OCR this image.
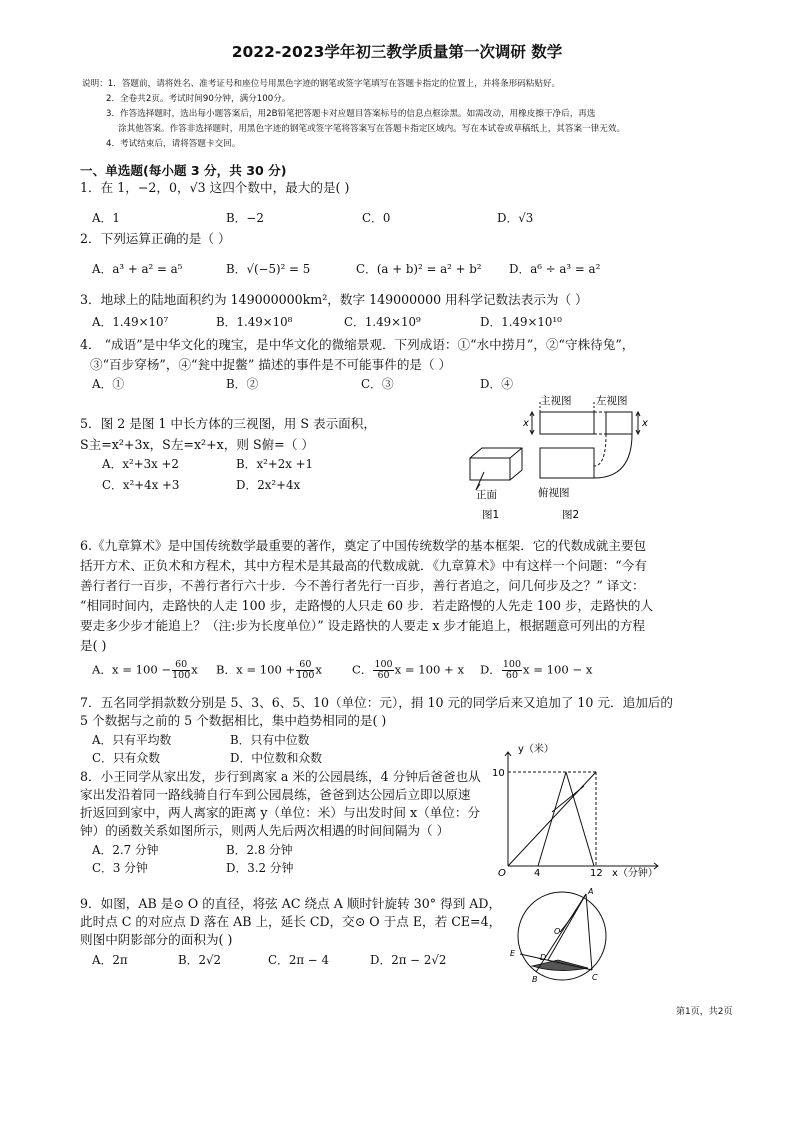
2022-2023学年初三教学质量第一次调研 数学
说明：1．答题前，请将姓名、准考证号和座位号用黑色字迹的钢笔或签字笔填写在答题卡指定的位置上，并将条形码粘贴好。
2．全卷共2页。考试时间90分钟，满分100分。
3．作答选择题时，选出每小题答案后，用2B铅笔把答题卡对应题目答案标号的信息点框涂黑。如需改动，用橡皮擦干净后，再选
涂其他答案。作答非选择题时，用黑色字迹的钢笔或签字笔将答案写在答题卡指定区域内。写在本试卷或草稿纸上，其答案一律无效。
4．考试结束后，请将答题卡交回。
一、单选题(每小题 3 分，共 30 分)
1．在 1，−2，0，√3 这四个数中，最大的是( )
A．1	B．−2	C．0	D．√3
2．下列运算正确的是（ ）
A．a³ + a² = a⁵	B．√(−5)² = 5	C．(a + b)² = a² + b² D．a⁶ ÷ a³ = a²
3．地球上的陆地面积约为 149000000km²，数字 149000000 用科学记数法表示为（ ）
A．1.49×10⁷	B．1.49×10⁸	C．1.49×10⁹	D．1.49×10¹⁰
4． “成语”是中华文化的瑰宝，是中华文化的微缩景观．下列成语：①“水中捞月”，②“守株待兔”，
③“百步穿杨”，④“瓮中捉鳖” 描述的事件是不可能事件的是（ ）
A．①	B．②	C．③	D．④
5．图 2 是图 1 中长方体的三视图，用 S 表示面积，
S主=x²+3x，S左=x²+x，则 S俯=（ ）
A．x²+3x +2	B．x²+2x +1
C．x²+4x +3	D．2x²+4x
正面
图1
主视图 左视图
俯视图
图2
x	x
6.《九章算术》是中国传统数学最重要的著作，奠定了中国传统数学的基本框架．它的代数成就主要包
括开方术、正负术和方程术，其中方程术是其最高的代数成就．《九章算术》中有这样一个问题：“今有
善行者行一百步，不善行者行六十步．今不善行者先行一百步，善行者追之，问几何步及之？” 译文：
“相同时间内，走路快的人走 100 步，走路慢的人只走 60 步．若走路慢的人先走 100 步，走路快的人
要走多少步才能追上？（注:步为长度单位）” 设走路快的人要走 x 步才能追上，根据题意可列出的方程
是( )
A．$x = 100 - \frac{60}{100}$ x B．$x = 100 + \frac{60}{100}$ x	C． $\frac{100}{60}$ x = 100 + x D． $\frac{100}{60}$ x = 100 − x
7．五名同学捐款数分别是 5、3、6、5、10（单位：元），捐 10 元的同学后来又追加了 10 元．追加后的
5 个数据与之前的 5 个数据相比，集中趋势相同的是( )
A．只有平均数	B．只有中位数
C．只有众数	D．中位数和众数
8．小王同学从家出发，步行到离家 a 米的公园晨练，4 分钟后爸爸也从
家出发沿着同一路线骑自行车到公园晨练，爸爸到达公园后立即以原速
折返回到家中，两人离家的距离 y（单位：米）与出发时间 x（单位：分
钟）的函数关系如图所示，则两人先后两次相遇的时间间隔为（ ）
A．2.7 分钟	B．2.8 分钟
C．3 分钟	D．3.2 分钟
y（米）
10
O	4	12 x（分钟）
9．如图，AB 是⊙ O 的直径，将弦 AC 绕点 A 顺时针旋转 30° 得到 AD，
此时点 C 的对应点 D 落在 AB 上，延长 CD，交⊙ O 于点 E，若 CE=4，
则图中阴影部分的面积为( )
A．2π	B．2√2	C．2π − 4	D．2π − 2√2
A
O
E	D
B	C
第1页，共2页
